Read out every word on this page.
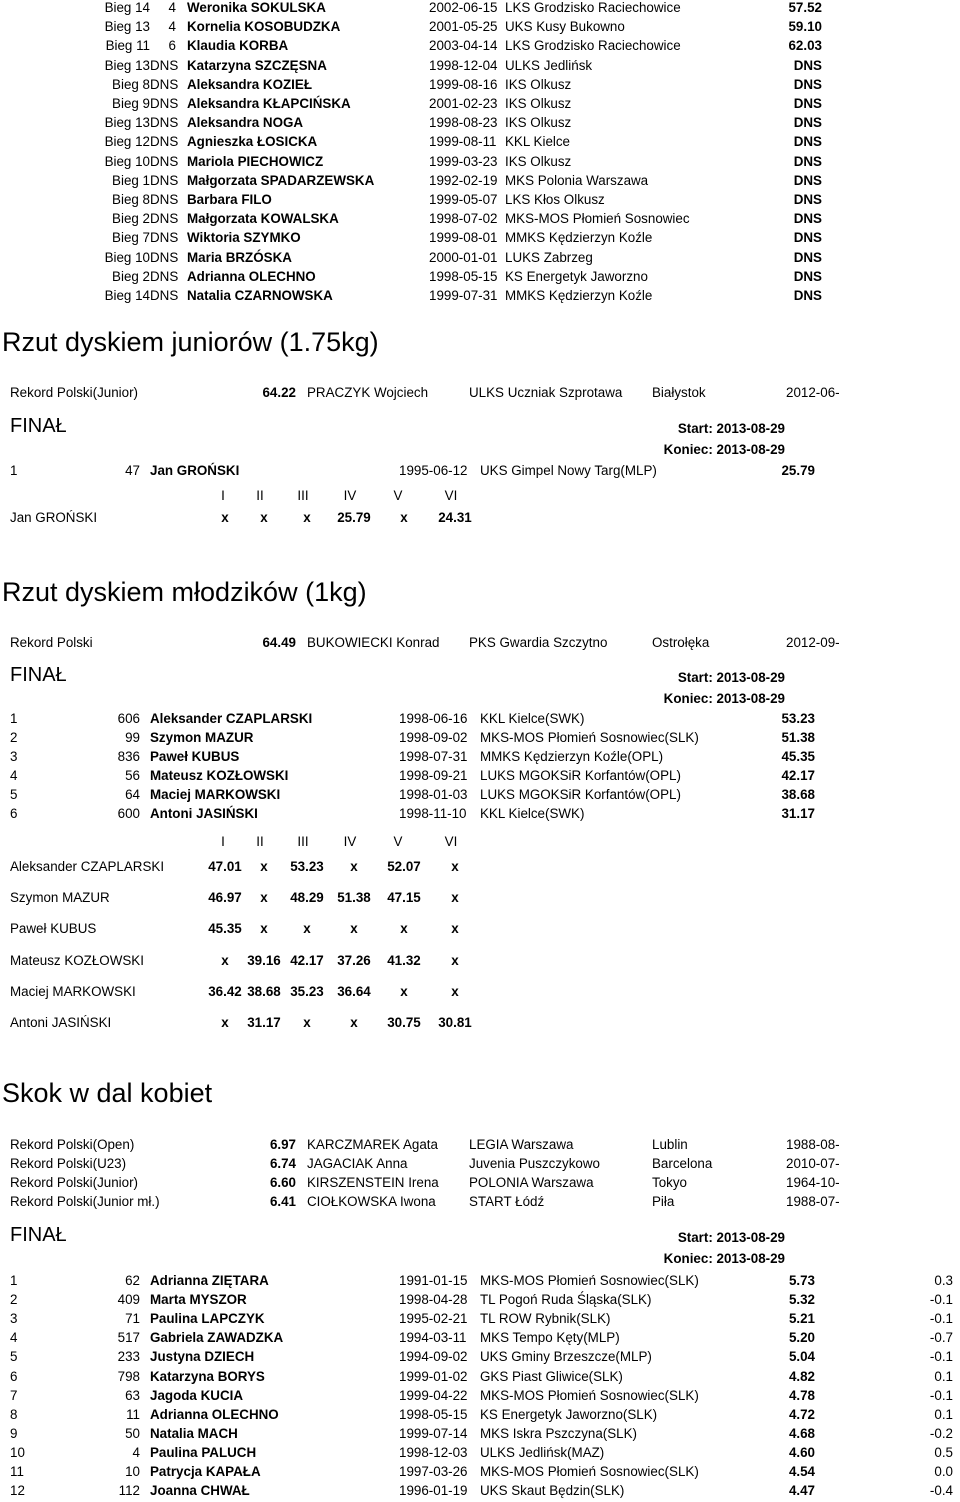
Bieg 14	4 Weronika SOKULSKA	2002-06-15 LKS Grodzisko Raciechowice	57.52
Bieg 13	4 Kornelia KOSOBUDZKA	2001-05-25 UKS Kusy Bukowno	59.10
Bieg 11	6 Klaudia KORBA	2003-04-14 LKS Grodzisko Raciechowice	62.03
Bieg 13 DNS Katarzyna SZCZĘSNA	1998-12-04 ULKS Jedlińsk	DNS
Bieg 8 DNS Aleksandra KOZIEŁ	1999-08-16 IKS Olkusz	DNS
Bieg 9 DNS Aleksandra KŁAPCIŃSKA	2001-02-23 IKS Olkusz	DNS
Bieg 13 DNS Aleksandra NOGA	1998-08-23 IKS Olkusz	DNS
Bieg 12 DNS Agnieszka ŁOSICKA	1999-08-11 KKL Kielce	DNS
Bieg 10 DNS Mariola PIECHOWICZ	1999-03-23 IKS Olkusz	DNS
Bieg 1 DNS Małgorzata SPADARZEWSKA	1992-02-19 MKS Polonia Warszawa	DNS
Bieg 8 DNS Barbara FILO	1999-05-07 LKS Kłos Olkusz	DNS
Bieg 2 DNS Małgorzata KOWALSKA	1998-07-02 MKS-MOS Płomień Sosnowiec	DNS
Bieg 7 DNS Wiktoria SZYMKO	1999-08-01 MMKS Kędzierzyn Koźle	DNS
Bieg 10 DNS Maria BRZÓSKA	2000-01-01 LUKS Zabrzeg	DNS
Bieg 2 DNS Adrianna OLECHNO	1998-05-15 KS Energetyk Jaworzno	DNS
Bieg 14 DNS Natalia CZARNOWSKA	1999-07-31 MMKS Kędzierzyn Koźle	DNS
Rzut dyskiem juniorów (1.75kg)
Rekord Polski(Junior)	64.22 PRACZYK Wojciech	ULKS Uczniak Szprotawa Białystok	2012-06-
FINAŁ	Start: 2013-08-29
Koniec: 2013-08-29
1	47 Jan GROŃSKI	1995-06-12 UKS Gimpel Nowy Targ(MLP)	25.79
I	II	III	IV	V	VI
Jan GROŃSKI	x	x	x	25.79	x	24.31
Rzut dyskiem młodzików (1kg)
Rekord Polski	64.49 BUKOWIECKI Konrad PKS Gwardia Szczytno	Ostrołęka	2012-09-
FINAŁ	Start: 2013-08-29
Koniec: 2013-08-29
1	606 Aleksander CZAPLARSKI	1998-06-16 KKL Kielce(SWK)	53.23
2	99 Szymon MAZUR	1998-09-02 MKS-MOS Płomień Sosnowiec(SLK)	51.38
3	836 Paweł KUBUS	1998-07-31 MMKS Kędzierzyn Koźle(OPL)	45.35
4	56 Mateusz KOZŁOWSKI	1998-09-21 LUKS MGOKSiR Korfantów(OPL)	42.17
5	64 Maciej MARKOWSKI	1998-01-03 LUKS MGOKSiR Korfantów(OPL)	38.68
6	600 Antoni JASIŃSKI	1998-11-10	KKL Kielce(SWK)	31.17
I	II	III	IV	V	VI
Aleksander CZAPLARSKI	47.01	x	53.23	x	52.07	x
Szymon MAZUR	46.97	x	48.29 51.38 47.15	x
Paweł KUBUS	45.35	x	x	x	x	x
Mateusz KOZŁOWSKI	x	39.16 42.17 37.26 41.32	x
Maciej MARKOWSKI	36.42 38.68 35.23 36.64	x	x
Antoni JASIŃSKI	x	31.17	x	x	30.75 30.81
Skok w dal kobiet
Rekord Polski(Open)	6.97 KARCZMAREK Agata LEGIA Warszawa	Lublin	1988-08-
Rekord Polski(U23)	6.74 JAGACIAK Anna	Juvenia Puszczykowo	Barcelona	2010-07-
Rekord Polski(Junior)	6.60 KIRSZENSTEIN Irena POLONIA Warszawa	Tokyo	1964-10-
Rekord Polski(Junior mł.)	6.41 CIOŁKOWSKA Iwona START Łódź	Piła	1988-07-
FINAŁ	Start: 2013-08-29
Koniec: 2013-08-29
1	62 Adrianna ZIĘTARA	1991-01-15 MKS-MOS Płomień Sosnowiec(SLK)	5.73	0.3
2	409 Marta MYSZOR	1998-04-28 TL Pogoń Ruda Śląska(SLK)	5.32	-0.1
3	71 Paulina LAPCZYK	1995-02-21 TL ROW Rybnik(SLK)	5.21	-0.1
4	517 Gabriela ZAWADZKA	1994-03-11	MKS Tempo Kęty(MLP)	5.20	-0.7
5	233 Justyna DZIECH	1994-09-02 UKS Gminy Brzeszcze(MLP)	5.04	-0.1
6	798 Katarzyna BORYS	1999-01-02 GKS Piast Gliwice(SLK)	4.82	0.1
7	63 Jagoda KUCIA	1999-04-22 MKS-MOS Płomień Sosnowiec(SLK)	4.78	-0.1
8	11 Adrianna OLECHNO	1998-05-15 KS Energetyk Jaworzno(SLK)	4.72	0.1
9	50 Natalia MACH	1999-07-14 MKS Iskra Pszczyna(SLK)	4.68	-0.2
10	4 Paulina PALUCH	1998-12-03 ULKS Jedlińsk(MAZ)	4.60	0.5
11	10 Patrycja KAPAŁA	1997-03-26 MKS-MOS Płomień Sosnowiec(SLK)	4.54	0.0
12	112 Joanna CHWAŁ	1996-01-19 UKS Skaut Będzin(SLK)	4.47	-0.4
